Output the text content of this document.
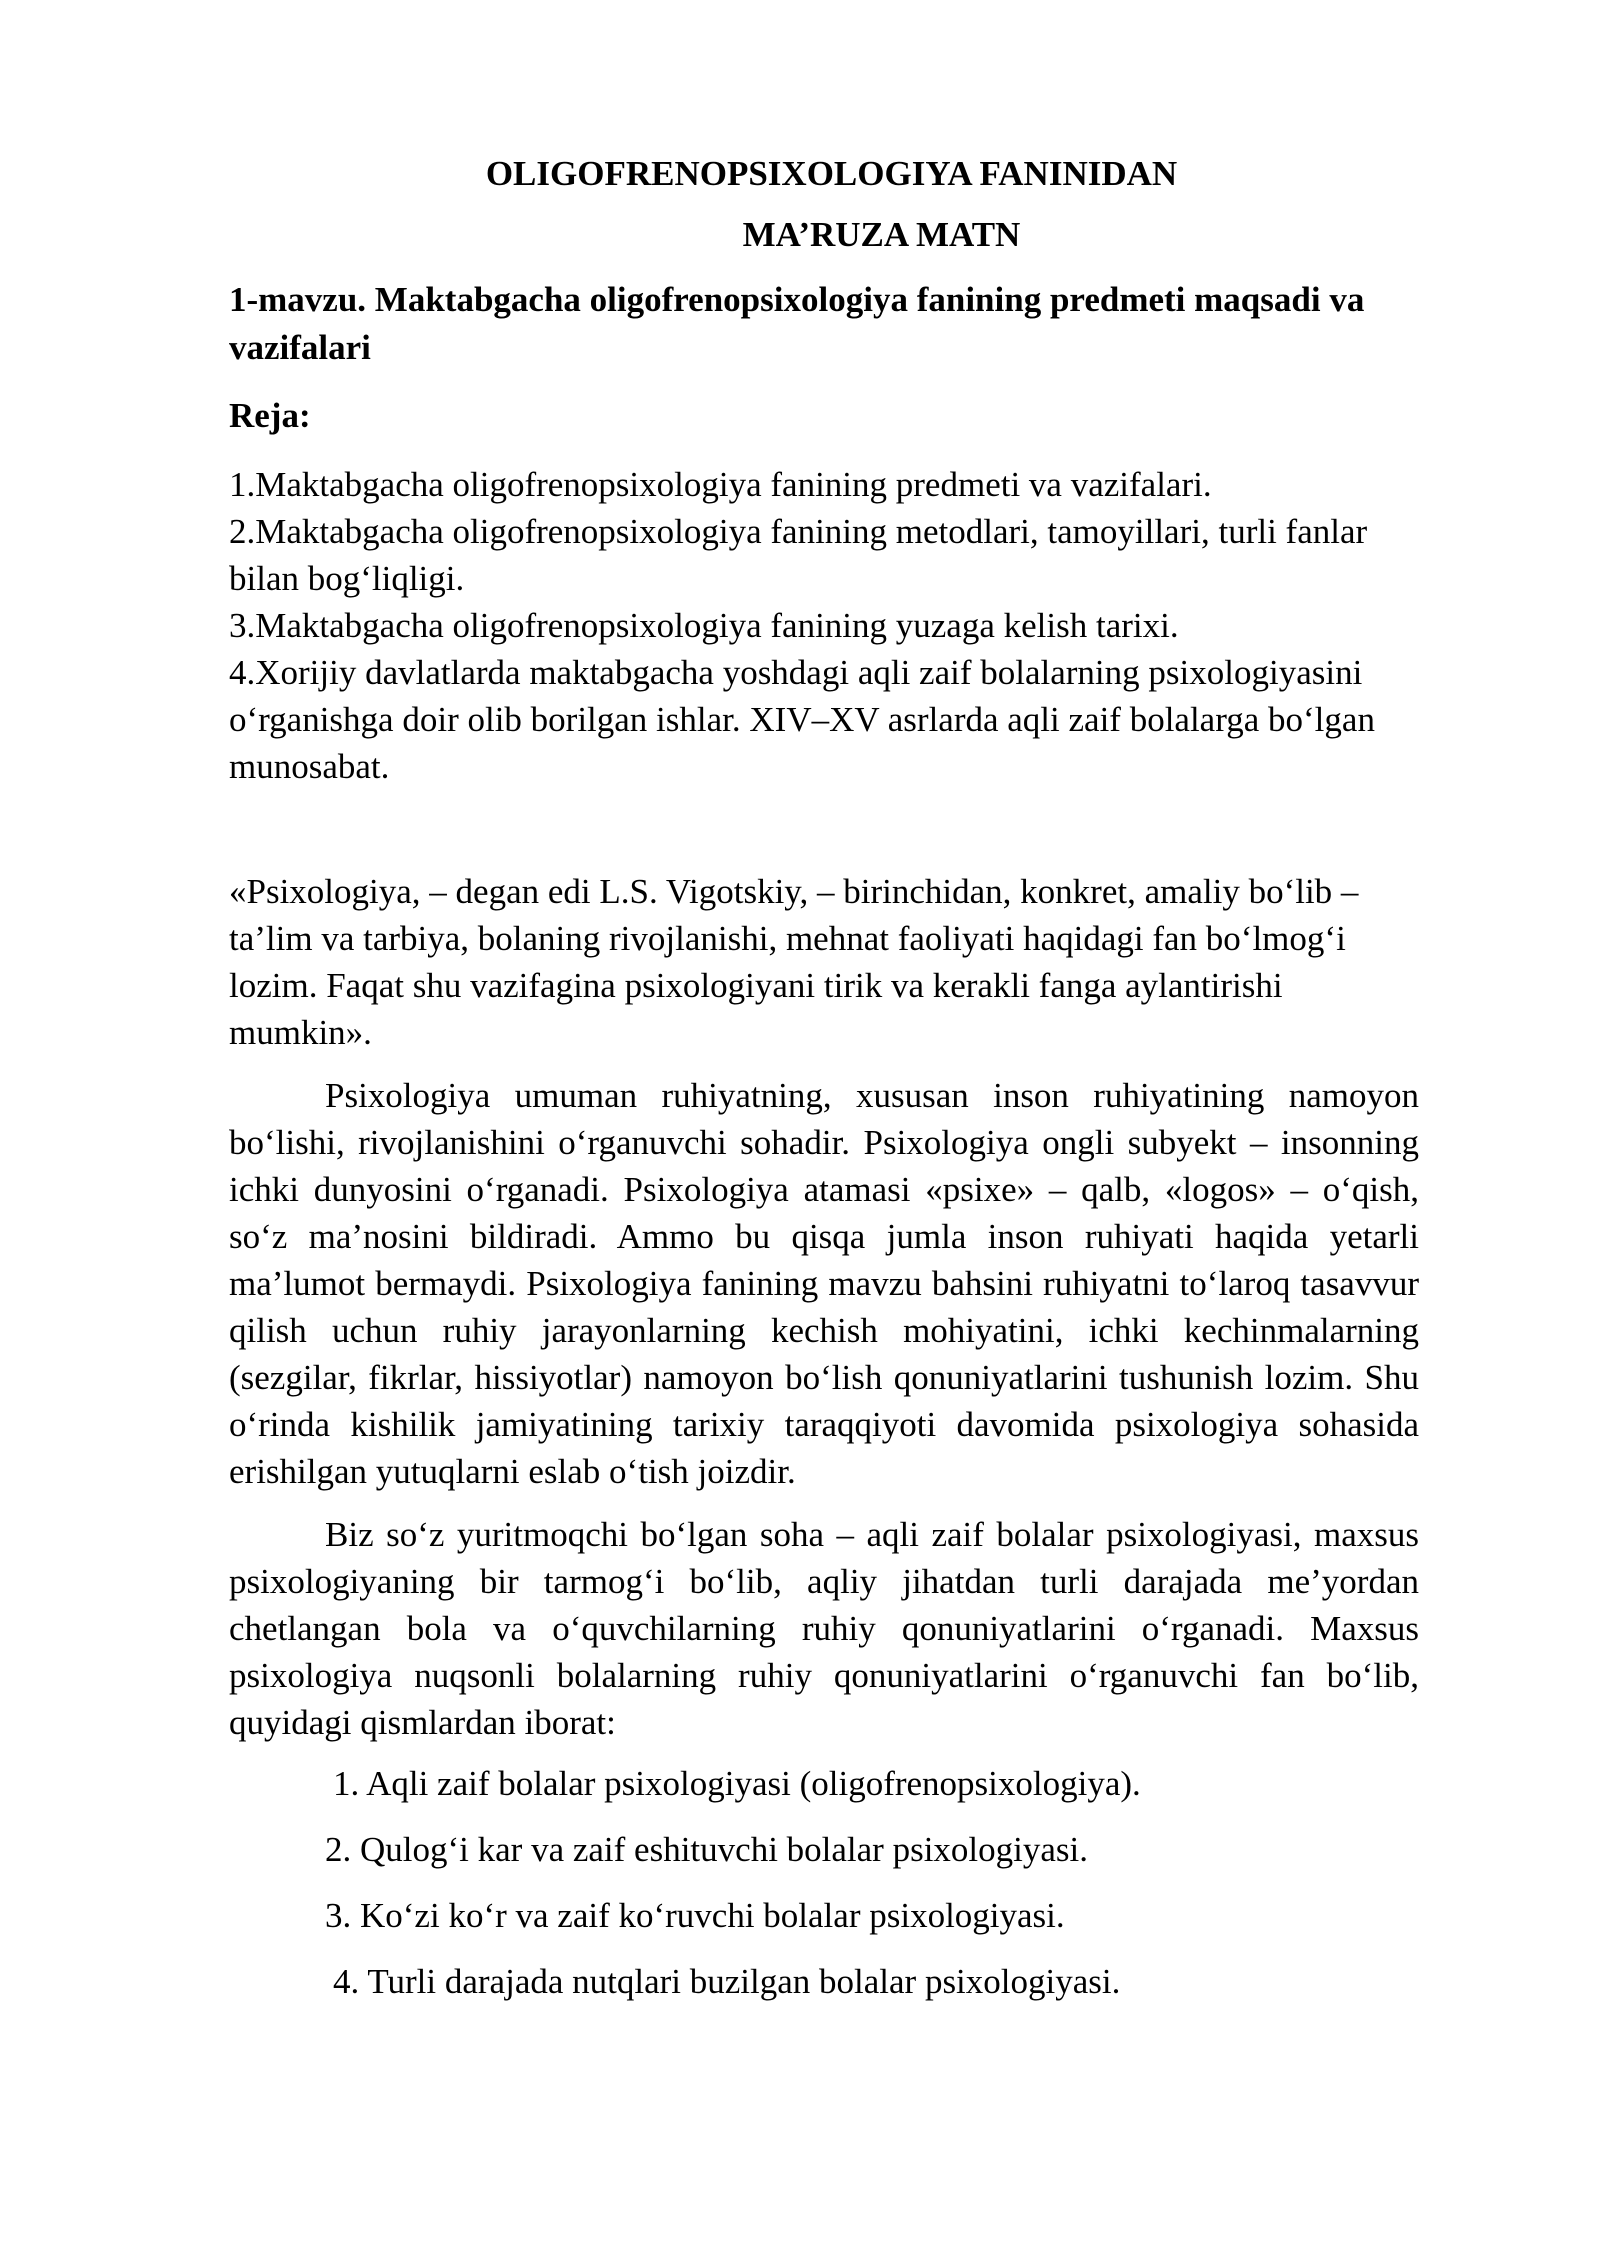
OLIGOFRENOPSIXOLOGIYA FANINIDAN

MA’RUZA MATN

1-mavzu. Maktabgacha oligofrenopsixologiya fanining predmeti maqsadi va vazifalari

Reja:

1.Maktabgacha oligofrenopsixologiya fanining predmeti va vazifalari.
2.Maktabgacha oligofrenopsixologiya fanining metodlari, tamoyillari, turli fanlar bilan bog‘liqligi.
3.Maktabgacha oligofrenopsixologiya fanining yuzaga kelish tarixi.
4.Xorijiy davlatlarda maktabgacha yoshdagi aqli zaif bolalarning psixologiyasini o‘rganishga doir olib borilgan ishlar. XIV–XV asrlarda aqli zaif bolalarga bo‘lgan munosabat.

«Psixologiya, – degan edi L.S. Vigotskiy, – birinchidan, konkret, amaliy bo‘lib – ta’lim va tarbiya, bolaning rivojlanishi, mehnat faoliyati haqidagi fan bo‘lmog‘i lozim. Faqat shu vazifagina psixologiyani tirik va kerakli fanga aylantirishi mumkin».

Psixologiya umuman ruhiyatning, xususan inson ruhiyatining namoyon bo‘lishi, rivojlanishini o‘rganuvchi sohadir. Psixologiya ongli subyekt – insonning ichki dunyosini o‘rganadi. Psixologiya atamasi «psixe» – qalb, «logos» – o‘qish, so‘z ma’nosini bildiradi. Ammo bu qisqa jumla inson ruhiyati haqida yetarli ma’lumot bermaydi. Psixologiya fanining mavzu bahsini ruhiyatni to‘laroq tasavvur qilish uchun ruhiy jarayonlarning kechish mohiyatini, ichki kechinmalarning (sezgilar, fikrlar, hissiyotlar) namoyon bo‘lish qonuniyatlarini tushunish lozim. Shu o‘rinda kishilik jamiyatining tarixiy taraqqiyoti davomida psixologiya sohasida erishilgan yutuqlarni eslab o‘tish joizdir.

Biz so‘z yuritmoqchi bo‘lgan soha – aqli zaif bolalar psixologiyasi, maxsus psixologiyaning bir tarmog‘i bo‘lib, aqliy jihatdan turli darajada me’yordan chetlangan bola va o‘quvchilarning ruhiy qonuniyatlarini o‘rganadi. Maxsus psixologiya nuqsonli bolalarning ruhiy qonuniyatlarini o‘rganuvchi fan bo‘lib, quyidagi qismlardan iborat:

1. Aqli zaif bolalar psixologiyasi (oligofrenopsixologiya).
2. Qulog‘i kar va zaif eshituvchi bolalar psixologiyasi.
3. Ko‘zi ko‘r va zaif ko‘ruvchi bolalar psixologiyasi.
4. Turli darajada nutqlari buzilgan bolalar psixologiyasi.
